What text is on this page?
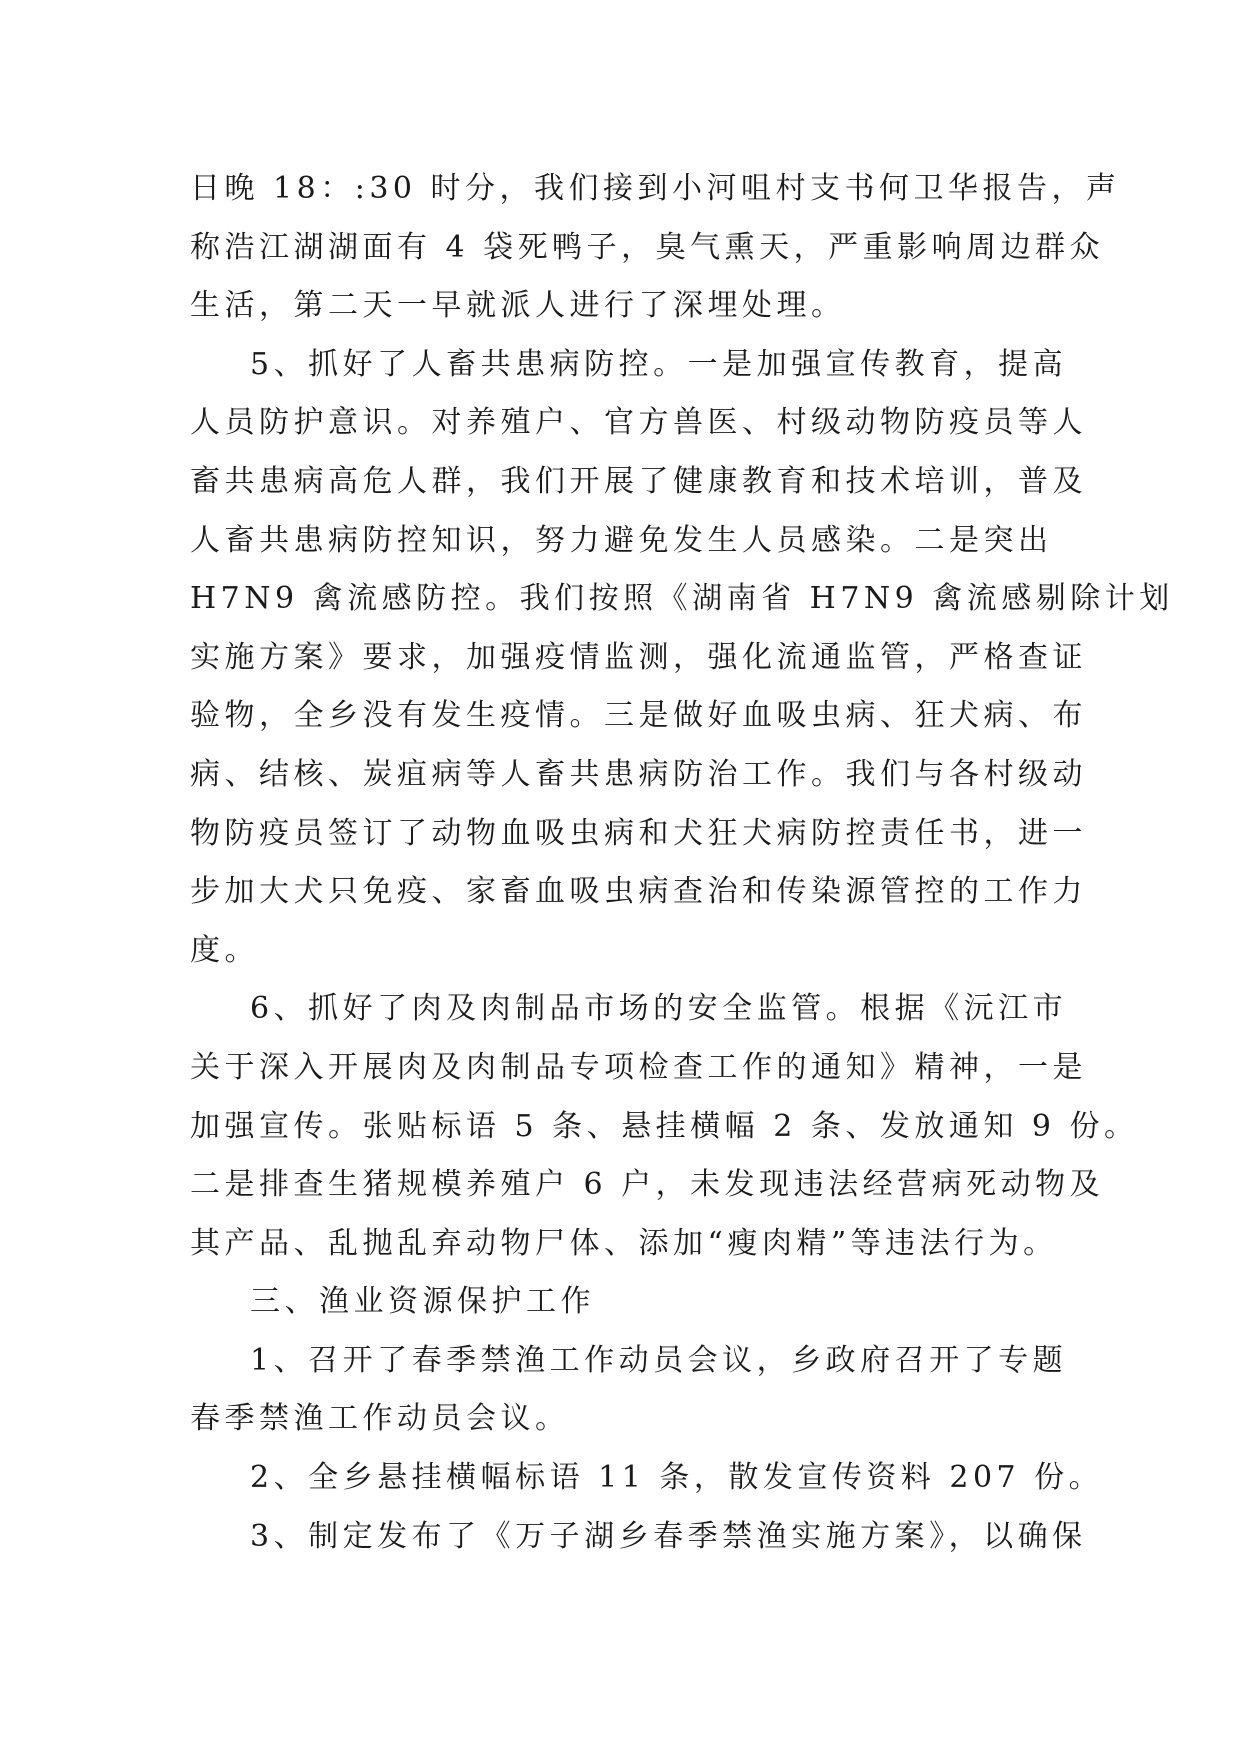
日晚 18：:30 时分，我们接到小河咀村支书何卫华报告，声
称浩江湖湖面有 4 袋死鸭子，臭气熏天，严重影响周边群众
生活，第二天一早就派人进行了深埋处理。
5、抓好了人畜共患病防控。一是加强宣传教育，提高
人员防护意识。对养殖户、官方兽医、村级动物防疫员等人
畜共患病高危人群，我们开展了健康教育和技术培训，普及
人畜共患病防控知识，努力避免发生人员感染。二是突出
H7N9 禽流感防控。我们按照《湖南省 H7N9 禽流感剔除计划
实施方案》要求，加强疫情监测，强化流通监管，严格查证
验物，全乡没有发生疫情。三是做好血吸虫病、狂犬病、布
病、结核、炭疽病等人畜共患病防治工作。我们与各村级动
物防疫员签订了动物血吸虫病和犬狂犬病防控责任书，进一
步加大犬只免疫、家畜血吸虫病查治和传染源管控的工作力
度。
6、抓好了肉及肉制品市场的安全监管。根据《沅江市
关于深入开展肉及肉制品专项检查工作的通知》精神，一是
加强宣传。张贴标语 5 条、悬挂横幅 2 条、发放通知 9 份。
二是排查生猪规模养殖户 6 户，未发现违法经营病死动物及
其产品、乱抛乱弃动物尸体、添加“瘦肉精”等违法行为。
三、渔业资源保护工作
1、召开了春季禁渔工作动员会议，乡政府召开了专题
春季禁渔工作动员会议。
2、全乡悬挂横幅标语 11 条，散发宣传资料 207 份。
3、制定发布了《万子湖乡春季禁渔实施方案》，以确保
